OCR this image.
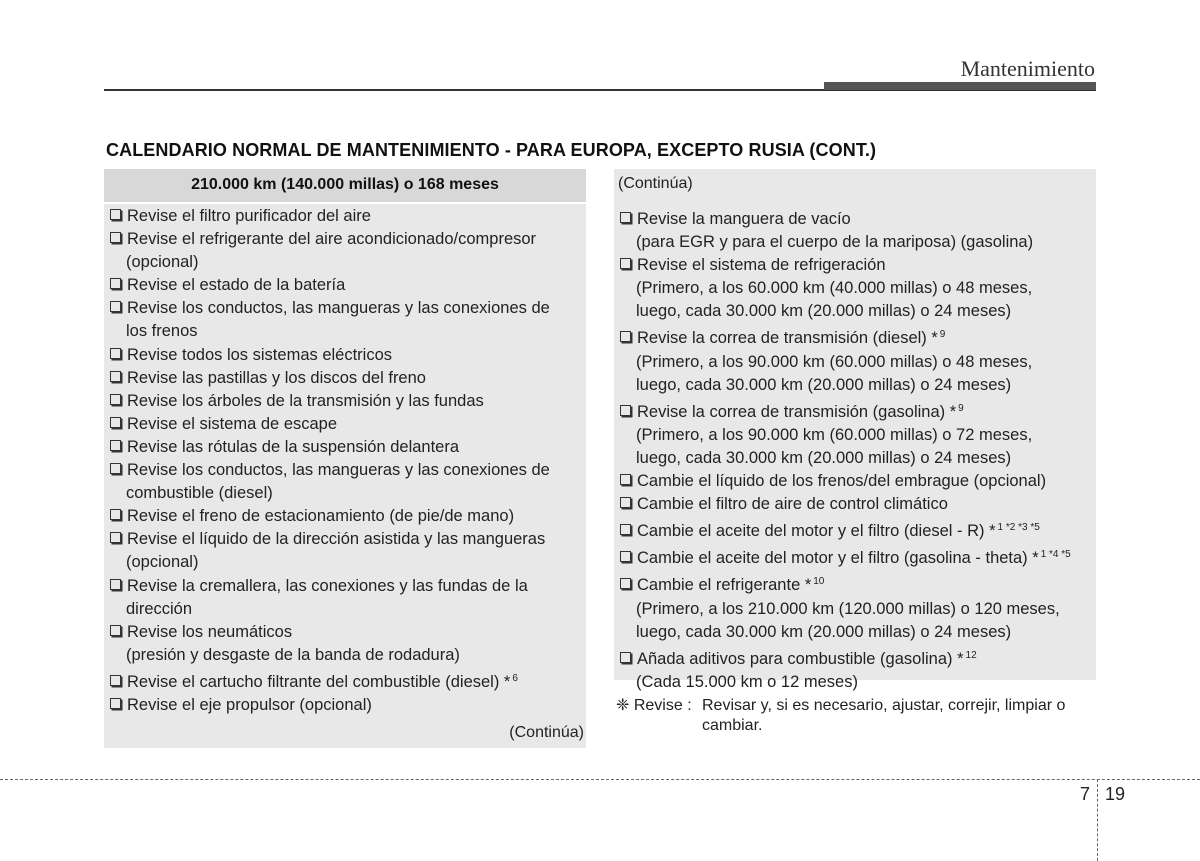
Mantenimiento
CALENDARIO NORMAL DE MANTENIMIENTO - PARA EUROPA, EXCEPTO RUSIA (CONT.)
210.000 km (140.000 millas) o 168 meses
Revise el filtro purificador del aire
Revise el refrigerante del aire acondicionado/compresor
(opcional)
Revise el estado de la batería
Revise los conductos, las mangueras y las conexiones de
los frenos
Revise todos los sistemas eléctricos
Revise las pastillas y los discos del freno
Revise los árboles de la transmisión y las fundas
Revise el sistema de escape
Revise las rótulas de la suspensión delantera
Revise los conductos, las mangueras y las conexiones de
combustible (diesel)
Revise el freno de estacionamiento (de pie/de mano)
Revise el líquido de la dirección asistida y las mangueras
(opcional)
Revise la cremallera, las conexiones y las fundas de la
dirección
Revise los neumáticos
(presión y desgaste de la banda de rodadura)
Revise el cartucho filtrante del combustible (diesel) * $^6$
Revise el eje propulsor (opcional)
(Continúa)
(Continúa)
Revise la manguera de vacío
(para EGR y para el cuerpo de la mariposa) (gasolina)
Revise el sistema de refrigeración
(Primero, a los 60.000 km (40.000 millas) o 48 meses,
luego, cada 30.000 km (20.000 millas) o 24 meses)
Revise la correa de transmisión (diesel) * $^9$
(Primero, a los 90.000 km (60.000 millas) o 48 meses,
luego, cada 30.000 km (20.000 millas) o 24 meses)
Revise la correa de transmisión (gasolina) * $^9$
(Primero, a los 90.000 km (60.000 millas) o 72 meses,
luego, cada 30.000 km (20.000 millas) o 24 meses)
Cambie el líquido de los frenos/del embrague (opcional)
Cambie el filtro de aire de control climático
Cambie el aceite del motor y el filtro (diesel - R) * $^{1 *2 *3 *5}$
Cambie el aceite del motor y el filtro (gasolina - theta) * $^{1 *4 *5}$
Cambie el refrigerante * $^{10}$
(Primero, a los 210.000 km (120.000 millas) o 120 meses,
luego, cada 30.000 km (20.000 millas) o 24 meses)
Añada aditivos para combustible (gasolina) * $^{12}$
(Cada 15.000 km o 12 meses)
❈ Revise : Revisar y, si es necesario, ajustar, correjir, limpiar o cambiar.
7 19
